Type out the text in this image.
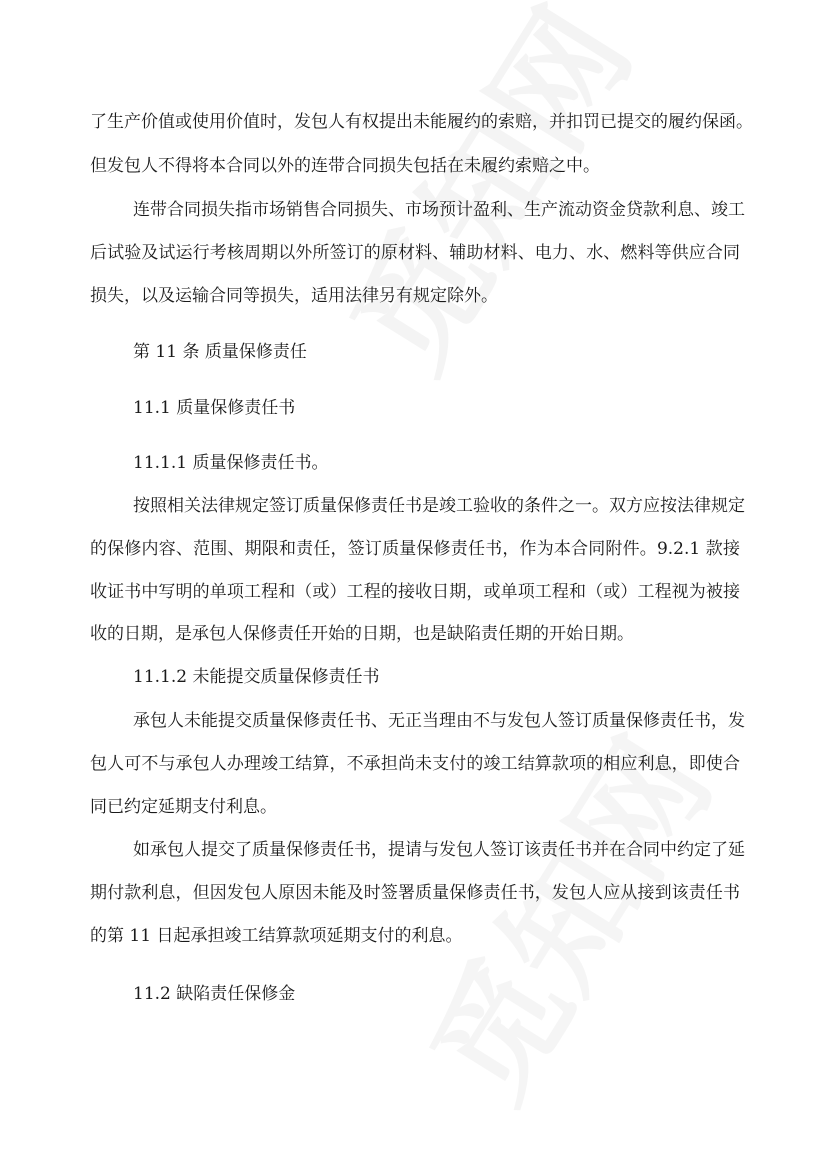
了生产价值或使用价值时，发包人有权提出未能履约的索赔，并扣罚已提交的履约保函。
但发包人不得将本合同以外的连带合同损失包括在未履约索赔之中。
连带合同损失指市场销售合同损失、市场预计盈利、生产流动资金贷款利息、竣工
后试验及试运行考核周期以外所签订的原材料、辅助材料、电力、水、燃料等供应合同
损失，以及运输合同等损失，适用法律另有规定除外。
第 11 条 质量保修责任
11.1 质量保修责任书
11.1.1 质量保修责任书。
按照相关法律规定签订质量保修责任书是竣工验收的条件之一。双方应按法律规定
的保修内容、范围、期限和责任，签订质量保修责任书，作为本合同附件。9.2.1 款接
收证书中写明的单项工程和（或）工程的接收日期，或单项工程和（或）工程视为被接
收的日期，是承包人保修责任开始的日期，也是缺陷责任期的开始日期。
11.1.2 未能提交质量保修责任书
承包人未能提交质量保修责任书、无正当理由不与发包人签订质量保修责任书，发
包人可不与承包人办理竣工结算，不承担尚未支付的竣工结算款项的相应利息，即使合
同已约定延期支付利息。
如承包人提交了质量保修责任书，提请与发包人签订该责任书并在合同中约定了延
期付款利息，但因发包人原因未能及时签署质量保修责任书，发包人应从接到该责任书
的第 11 日起承担竣工结算款项延期支付的利息。
11.2 缺陷责任保修金
